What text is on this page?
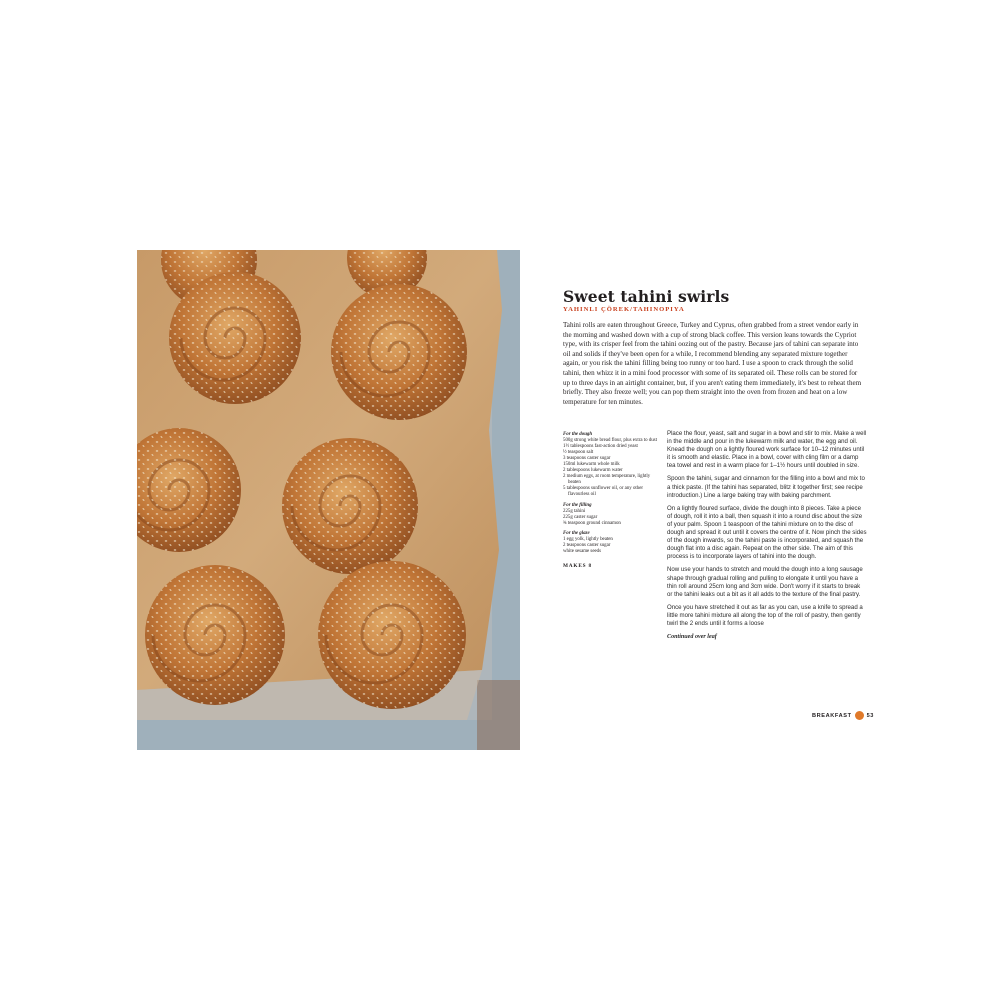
Sweet tahini swirls
YAHINLI ÇÖREK/TAHINOPIYA

Tahini rolls are eaten throughout Greece, Turkey and Cyprus, often grabbed from a street vendor early in the morning and washed down with a cup of strong black coffee. This version leans towards the Cypriot type, with its crisper feel from the tahini oozing out of the pastry. Because jars of tahini can separate into oil and solids if they've been open for a while, I recommend blending any separated mixture together again, or you risk the tahini filling being too runny or too hard. I use a spoon to crack through the solid tahini, then whizz it in a mini food processor with some of its separated oil. These rolls can be stored for up to three days in an airtight container, but, if you aren't eating them immediately, it's best to reheat them briefly. They also freeze well; you can pop them straight into the oven from frozen and heat on a low temperature for ten minutes.

For the dough

500g strong white bread flour, plus extra to dust
1½ tablespoons fast-action dried yeast
½ teaspoon salt
3 teaspoons caster sugar
150ml lukewarm whole milk
2 tablespoons lukewarm water
2 medium eggs, at room temperature, lightly beaten
5 tablespoons sunflower oil, or any other flavourless oil

For the filling

225g tahini
225g caster sugar
¾ teaspoon ground cinnamon

For the glaze

1 egg yolk, lightly beaten
2 teaspoons caster sugar
white sesame seeds
MAKES 8

Place the flour, yeast, salt and sugar in a bowl and stir to mix. Make a well in the middle and pour in the lukewarm milk and water, the egg and oil. Knead the dough on a lightly floured work surface for 10–12 minutes until it is smooth and elastic. Place in a bowl, cover with cling film or a damp tea towel and rest in a warm place for 1–1½ hours until doubled in size.

Spoon the tahini, sugar and cinnamon for the filling into a bowl and mix to a thick paste. (If the tahini has separated, blitz it together first; see recipe introduction.) Line a large baking tray with baking parchment.

On a lightly floured surface, divide the dough into 8 pieces. Take a piece of dough, roll it into a ball, then squash it into a round disc about the size of your palm. Spoon 1 teaspoon of the tahini mixture on to the disc of dough and spread it out until it covers the centre of it. Now pinch the sides of the dough inwards, so the tahini paste is incorporated, and squash the dough flat into a disc again. Repeat on the other side. The aim of this process is to incorporate layers of tahini into the dough.

Now use your hands to stretch and mould the dough into a long sausage shape through gradual rolling and pulling to elongate it until you have a thin roll around 25cm long and 3cm wide. Don't worry if it starts to break or the tahini leaks out a bit as it all adds to the texture of the final pastry.

Once you have stretched it out as far as you can, use a knife to spread a little more tahini mixture all along the top of the roll of pastry, then gently twirl the 2 ends until it forms a loose

Continued over leaf

BREAKFAST	53
